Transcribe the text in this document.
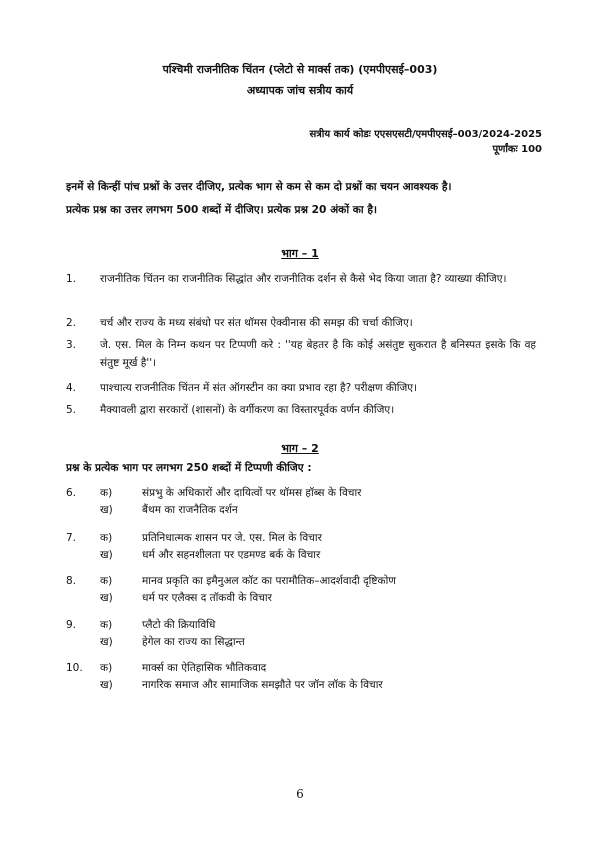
पश्चिमी राजनीतिक चिंतन (प्लेटो से मार्क्स तक) (एमपीएसई–003)
अध्यापक जांच सत्रीय कार्य
सत्रीय कार्य कोडः एएसएसटी/एमपीएसई–003/2024-2025
पूर्णांकः 100
इनमें से किन्हीं पांच प्रश्नों के उत्तर दीजिए, प्रत्येक भाग से कम से कम दो प्रश्नों का चयन आवश्यक है।
प्रत्येक प्रश्न का उत्तर लगभग 500 शब्दों में दीजिए। प्रत्येक प्रश्न 20 अंकों का है।
भाग – 1
1.	राजनीतिक चिंतन का राजनीतिक सिद्धांत और राजनीतिक दर्शन से कैसे भेद किया जाता है? व्याख्या कीजिए।
2.	चर्च और राज्य के मध्य संबंधो पर संत थॉमस ऐक्वीनास की समझ की चर्चा कीजिए।
3.	जे. एस. मिल के निम्न कथन पर टिप्पणी करे : ''यह बेहतर है कि कोई असंतुष्ट सुकरात है बनिस्पत इसके कि वह संतुष्ट मूर्ख है''।
4.	पाश्चात्य राजनीतिक चिंतन में संत ऑगस्टीन का क्या प्रभाव रहा है? परीक्षण कीजिए।
5.	मैक्यावली द्वारा सरकारों (शासनों) के वर्गीकरण का विस्तारपूर्वक वर्णन कीजिए।
भाग – 2
प्रश्न के प्रत्येक भाग पर लगभग 250 शब्दों में टिप्पणी कीजिए :
6. क)	संप्रभु के अधिकारों और दायित्वों पर थॉमस हॉब्स के विचार
ख)	बैंथम का राजनैतिक दर्शन
7. क)	प्रतिनिधात्मक शासन पर जे. एस. मिल के विचार
ख)	धर्म और सहनशीलता पर एडमण्ड बर्क के विचार
8. क)	मानव प्रकृति का इमैनुअल कॉट का परामौतिक–आदर्शवादी दृष्टिकोण
ख)	धर्म पर एलैक्स द तॉकवी के विचार
9. क)	प्लैटो की क्रियाविधि
ख)	हेगेल का राज्य का सिद्धान्त
10. क)	मार्क्स का ऐतिहासिक भौतिकवाद
ख)	नागरिक समाज और सामाजिक समझौते पर जॉन लॉक के विचार
6
